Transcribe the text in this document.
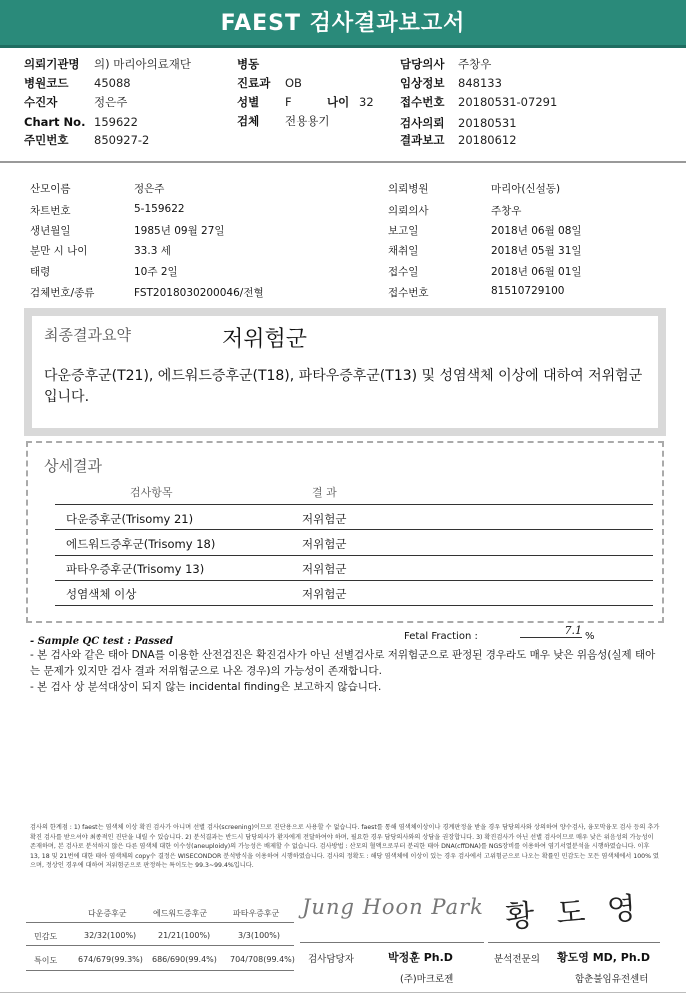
FAEST 검사결과보고서
의뢰기관명 의) 마리아의료재단
병원코드 45088
수진자	정은주
Chart No. 159622
주민번호 850927-2
병동
진료과 OB
성별 F	나이 32
검체 전용용기
담당의사 주창우
임상정보 848133
접수번호 20180531-07291
검사의뢰 20180531
결과보고 20180612
산모이름	정은주
차트번호	5-159622
생년월일	1985년 09월 27일
분만 시 나이	33.3 세
태령	10주 2일
검체번호/종류	FST2018030200046/전혈
의뢰병원	마리아(신설동)
의뢰의사	주창우
보고일	2018년 06월 08일
채취일	2018년 05월 31일
접수일	2018년 06월 01일
접수번호	81510729100
최종결과요약	저위험군
다운증후군(T21), 에드워드증후군(T18), 파타우증후군(T13) 및 성염색체 이상에 대하여 저위험군입니다.
상세결과
검사항목	결 과
다운증후군(Trisomy 21)	저위험군
에드워드증후군(Trisomy 18)	저위험군
파타우증후군(Trisomy 13)	저위험군
성염색체 이상	저위험군
- Sample QC test : Passed	Fetal Fraction :	7.1 %
- 본 검사와 같은 태아 DNA를 이용한 산전검진은 확진검사가 아닌 선별검사로 저위험군으로 판정된 경우라도 매우 낮은 위음성(실제 태아는 문제가 있지만 검사 결과 저위험군으로 나온 경우)의 가능성이 존재합니다.
- 본 검사 상 분석대상이 되지 않는 incidental finding은 보고하지 않습니다.
검사의 한계점 : 1) faest는 염색체 이상 확진 검사가 아니며 선별 검사(screening)이므로 진단용으로 사용할 수 없습니다. faest를 통해 염색체이상이나 경계판정을 받을 경우 담당의사와 상의하여 양수검사, 융모막융모 검사 등의 추가 확진 검사를 받으셔야 최종적인 진단을 내릴 수 있습니다. 2) 분석결과는 반드시 담당의사가 환자에게 전달하여야 하며, 필요한 경우 담당의사와의 상담을 권장합니다. 3) 확진검사가 아닌 선별 검사이므로 매우 낮은 위음성의 가능성이 존재하며, 본 검사로 분석하지 않은 다른 염색체 대한 이수성(aneuploidy)의 가능성은 배제할 수 없습니다. 검사방법 : 산모의 혈액으로부터 분리한 태아 DNA(cffDNA)를 NGS장비를 이용하여 염기서열분석을 시행하였습니다. 이후 13, 18 및 21번에 대한 태아 염색체의 copy수 결정은 WISECONDOR 분석방식을 이용하여 시행하였습니다. 검사의 정확도 : 해당 염색체에 이상이 있는 경우 검사에서 고위험군으로 나오는 확률인 민감도는 모든 염색체에서 100% 였으며, 정상인 경우에 대하여 저위험군으로 판정하는 특이도는 99.3~99.4%입니다.
다운증후군	에드워드증후군	파타우증후군
민감도	32/32(100%)	21/21(100%)	3/3(100%)
특이도	674/679(99.3%) 686/690(99.4%) 704/708(99.4%)
Jung Hoon Park 황도영
검사담당자	박정훈 Ph.D
(주)마크로젠
분석전문의 황도영 MD, Ph.D
함춘불임유전센터
